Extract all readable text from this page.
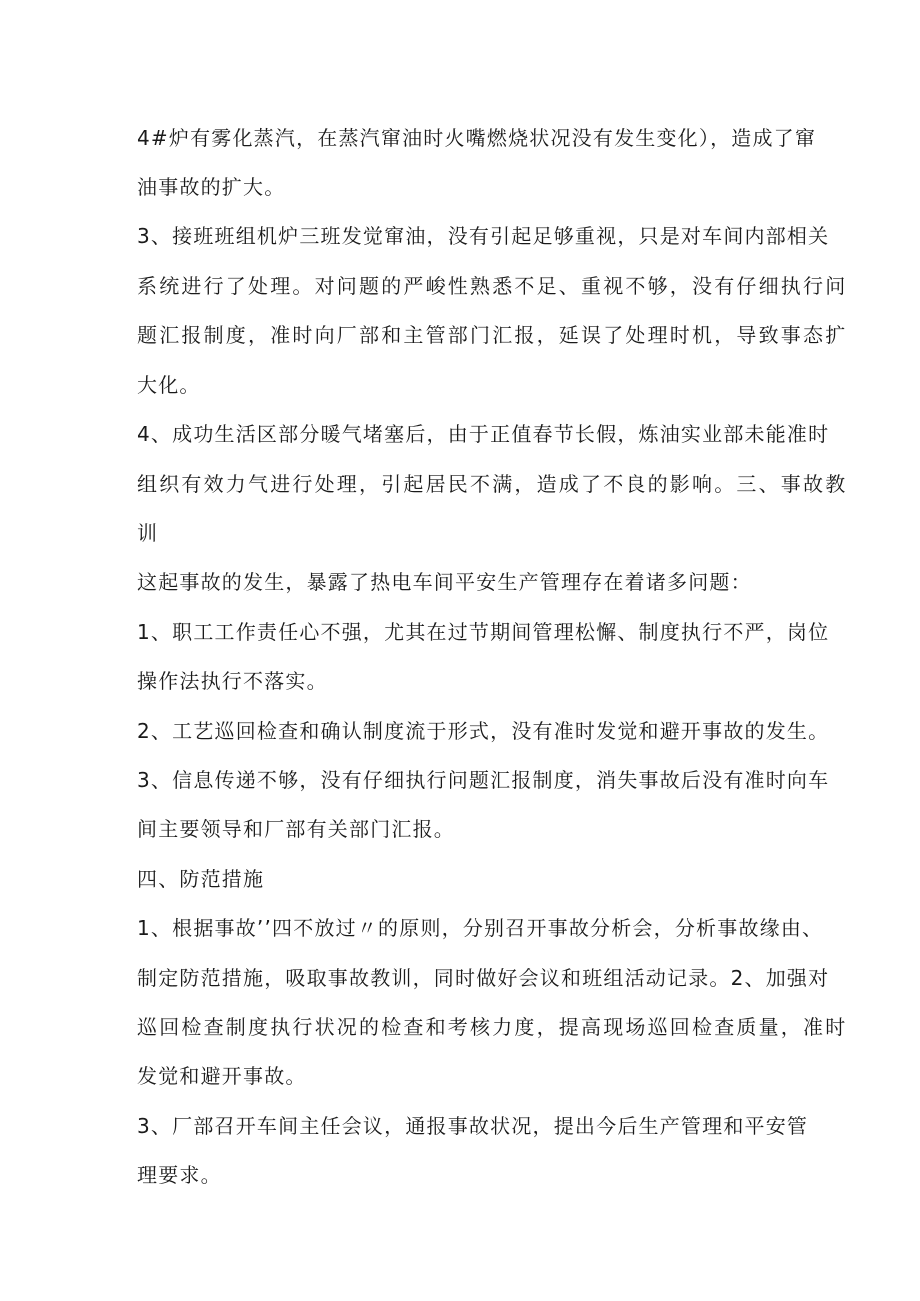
4#炉有雾化蒸汽，在蒸汽窜油时火嘴燃烧状况没有发生变化），造成了窜
油事故的扩大。
3、接班班组机炉三班发觉窜油，没有引起足够重视，只是对车间内部相关
系统进行了处理。对问题的严峻性熟悉不足、重视不够，没有仔细执行问
题汇报制度，准时向厂部和主管部门汇报，延误了处理时机，导致事态扩
大化。
4、成功生活区部分暖气堵塞后，由于正值春节长假，炼油实业部未能准时
组织有效力气进行处理，引起居民不满，造成了不良的影响。三、事故教
训
这起事故的发生，暴露了热电车间平安生产管理存在着诸多问题：
1、职工工作责任心不强，尤其在过节期间管理松懈、制度执行不严，岗位
操作法执行不落实。
2、工艺巡回检查和确认制度流于形式，没有准时发觉和避开事故的发生。
3、信息传递不够，没有仔细执行问题汇报制度，消失事故后没有准时向车
间主要领导和厂部有关部门汇报。
四、防范措施
1、根据事故’’四不放过〃的原则，分别召开事故分析会，分析事故缘由、
制定防范措施，吸取事故教训，同时做好会议和班组活动记录。2、加强对
巡回检查制度执行状况的检查和考核力度，提高现场巡回检查质量，准时
发觉和避开事故。
3、厂部召开车间主任会议，通报事故状况，提出今后生产管理和平安管
理要求。
